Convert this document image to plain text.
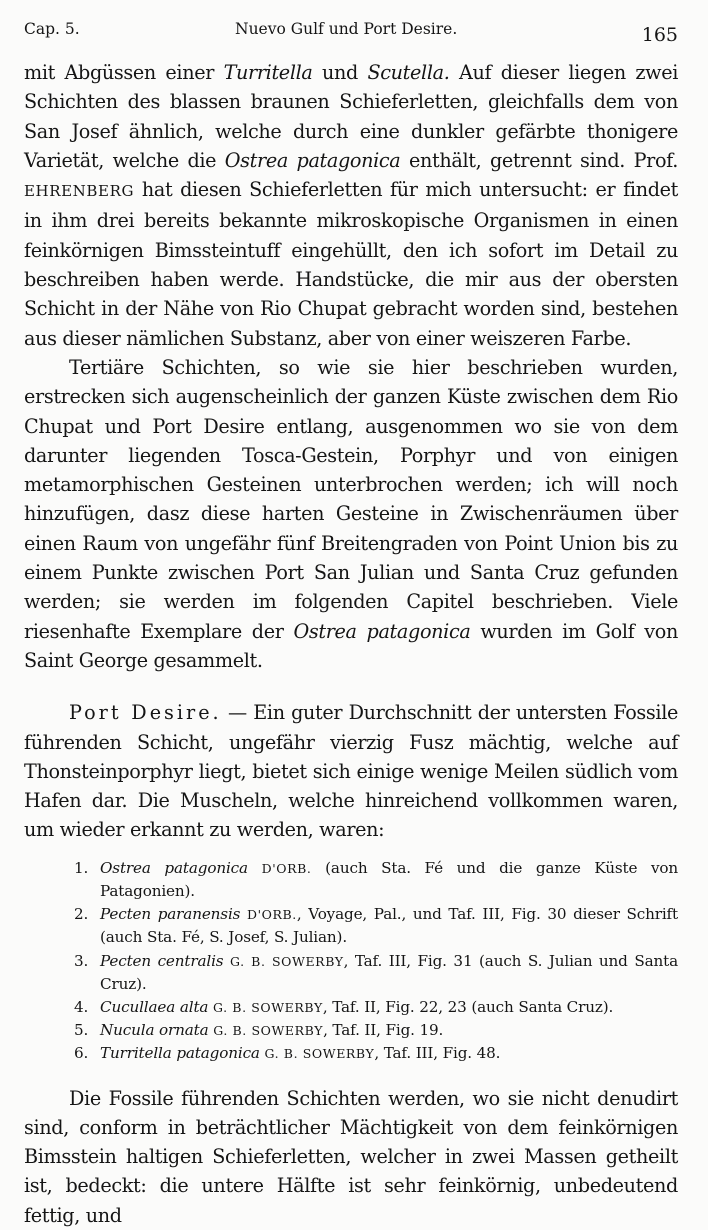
Cap. 5.	Nuevo Gulf und Port Desire.	165

mit Abgüssen einer Turritella und Scutella. Auf dieser liegen zwei Schichten des blassen braunen Schieferletten, gleichfalls dem von San Josef ähnlich, welche durch eine dunkler gefärbte thonigere Varietät, welche die Ostrea patagonica enthält, getrennt sind. Prof. EHRENBERG hat diesen Schieferletten für mich untersucht: er findet in ihm drei bereits bekannte mikroskopische Organismen in einen feinkörnigen Bimssteintuff eingehüllt, den ich sofort im Detail zu beschreiben haben werde. Handstücke, die mir aus der obersten Schicht in der Nähe von Rio Chupat gebracht worden sind, bestehen aus dieser nämlichen Substanz, aber von einer weiszeren Farbe.

Tertiäre Schichten, so wie sie hier beschrieben wurden, erstrecken sich augenscheinlich der ganzen Küste zwischen dem Rio Chupat und Port Desire entlang, ausgenommen wo sie von dem darunter liegenden Tosca-Gestein, Porphyr und von einigen metamorphischen Gesteinen unterbrochen werden; ich will noch hinzufügen, dasz diese harten Gesteine in Zwischenräumen über einen Raum von ungefähr fünf Breitengraden von Point Union bis zu einem Punkte zwischen Port San Julian und Santa Cruz gefunden werden; sie werden im folgenden Capitel beschrieben. Viele riesenhafte Exemplare der Ostrea patagonica wurden im Golf von Saint George gesammelt.

Port Desire. — Ein guter Durchschnitt der untersten Fossile führenden Schicht, ungefähr vierzig Fusz mächtig, welche auf Thonsteinporphyr liegt, bietet sich einige wenige Meilen südlich vom Hafen dar. Die Muscheln, welche hinreichend vollkommen waren, um wieder erkannt zu werden, waren:

1. Ostrea patagonica D'ORB. (auch Sta. Fé und die ganze Küste von Patagonien).
2. Pecten paranensis D'ORB., Voyage, Pal., und Taf. III, Fig. 30 dieser Schrift (auch Sta. Fé, S. Josef, S. Julian).
3. Pecten centralis G. B. SOWERBY, Taf. III, Fig. 31 (auch S. Julian und Santa Cruz).
4. Cucullaea alta G. B. SOWERBY, Taf. II, Fig. 22, 23 (auch Santa Cruz).
5. Nucula ornata G. B. SOWERBY, Taf. II, Fig. 19.
6. Turritella patagonica G. B. SOWERBY, Taf. III, Fig. 48.

Die Fossile führenden Schichten werden, wo sie nicht denudirt sind, conform in beträchtlicher Mächtigkeit von dem feinkörnigen Bimsstein haltigen Schieferletten, welcher in zwei Massen getheilt ist, bedeckt: die untere Hälfte ist sehr feinkörnig, unbedeutend fettig, und
